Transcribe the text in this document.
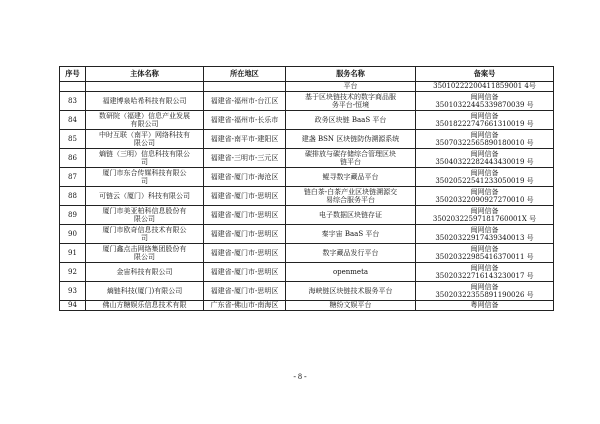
序号	主体名称	所在地区	服务名称	备案号

			平台	35010222200411859001 4号

83	福建博泉哈希科技有限公司	福建省-福州市-台江区	基于区块链技术的数字商品服
务平台-恒境	闽网信备
35010322445339870039 号

84	数研院（福建）信息产业发展
有限公司	福建省-福州市-长乐市	政务区块链 BaaS 平台	闽网信备
35018222747661310019 号

85	中时互联（南平）网络科技有
限公司	福建省-南平市-建阳区	建盏 BSN 区块链防伪溯源系统	闽网信备
35070322565890180010 号

86	熵链（三明）信息科技有限公
司	福建省-三明市-三元区	碳排放与碳存储综合管理区块
链平台	闽网信备
35040322282443430019 号

87	厦门市东合传媒科技有限公
司	福建省-厦门市-海沧区	鲲寻数字藏品平台	闽网信备
35020522541233050019 号

88	可链云（厦门）科技有限公司	福建省-厦门市-思明区	链白茶-白茶产业区块链溯源交
易综合服务平台	闽网信备
35020322090927270010 号

89	厦门市美亚柏科信息股份有
限公司	福建省-厦门市-思明区	电子数据区块链存证	闽网信备
35020322597181760001X 号

90	厦门市欧奇信息技术有限公
司	福建省-厦门市-思明区	秦宇宙 BaaS 平台	闽网信备
35020322917439340013 号

91	厦门鑫点击网络集团股份有
限公司	福建省-厦门市-思明区	数字藏品发行平台	闽网信备
35020322985416370011 号

92	金宙科技有限公司	福建省-厦门市-思明区	openmeta	闽网信备
35020322716143230017 号

93	熵链科技(厦门)有限公司	福建省-厦门市-思明区	海峡链区块链技术服务平台	闽网信备
35020322355891190026 号

94	佛山方糖娱乐信息技术有限	广东省-佛山市-南海区	糖纷文娱平台	粤网信备
- 8 -
